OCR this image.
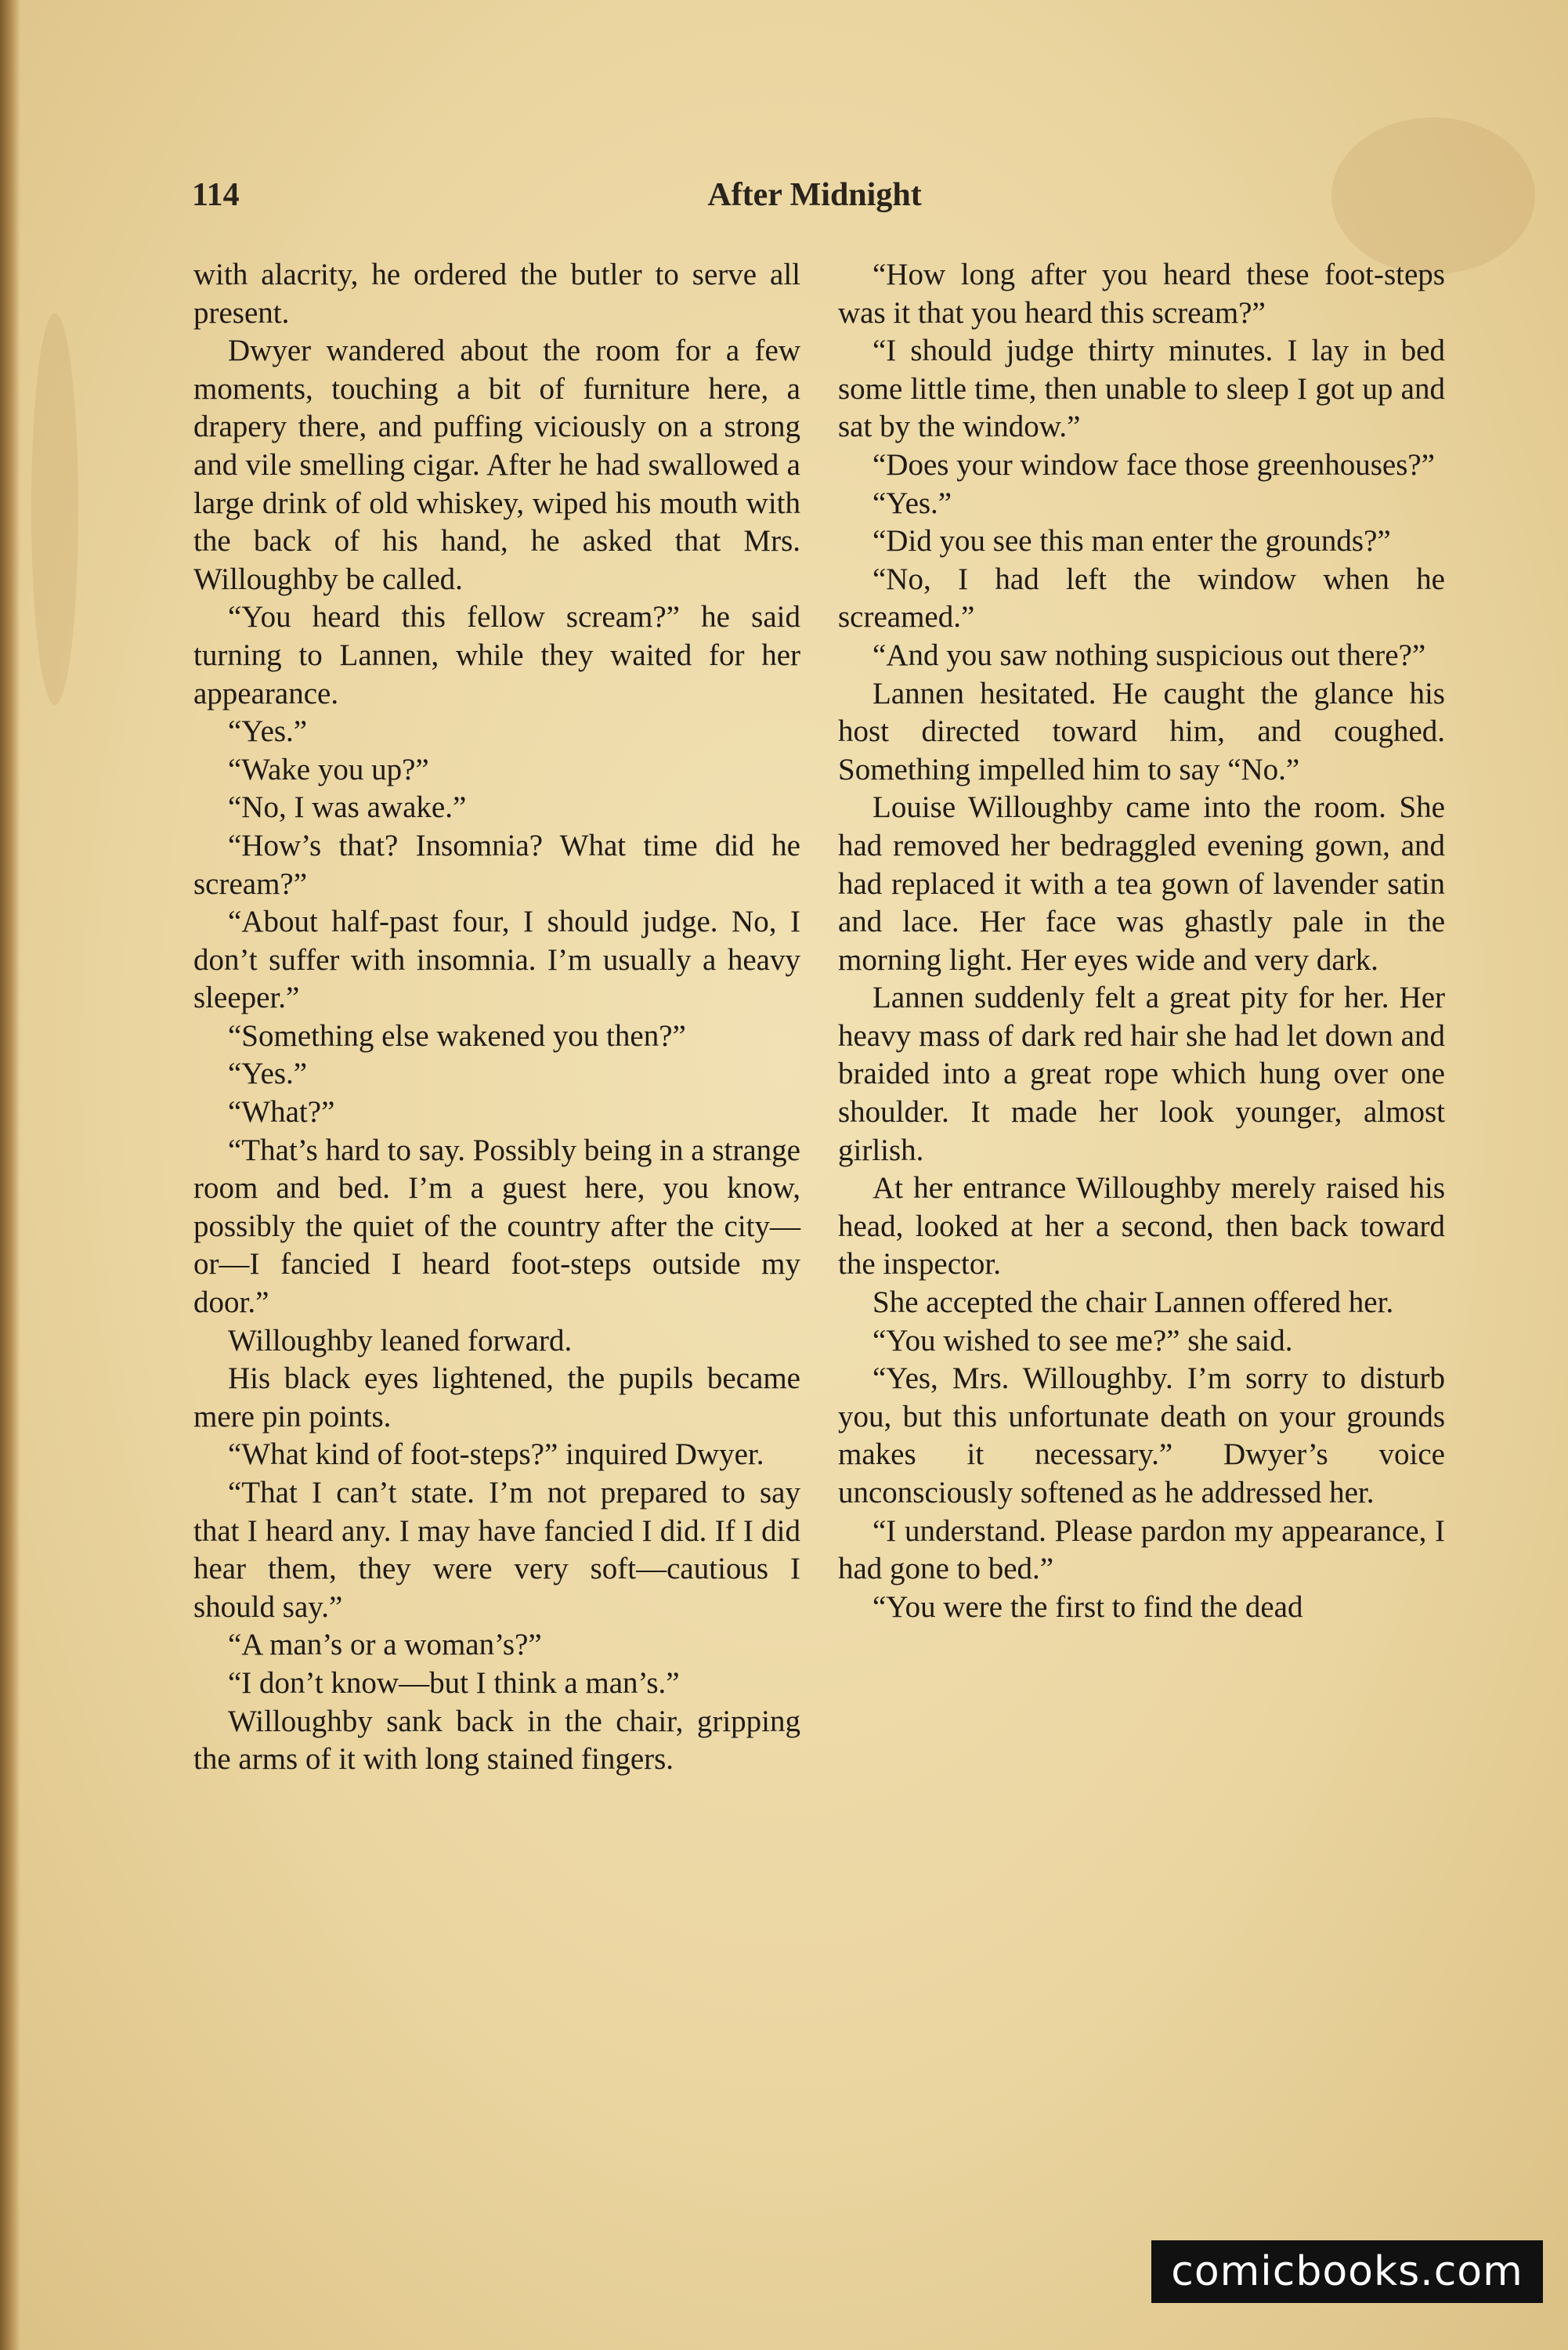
114	After Midnight

with alacrity, he ordered the butler to serve all present.

Dwyer wandered about the room for a few moments, touching a bit of furniture here, a drapery there, and puffing viciously on a strong and vile smelling cigar. After he had swallowed a large drink of old whiskey, wiped his mouth with the back of his hand, he asked that Mrs. Willoughby be called.

“You heard this fellow scream?” he said turning to Lannen, while they waited for her appearance.

“Yes.”

“Wake you up?”

“No, I was awake.”

“How’s that? Insomnia? What time did he scream?”

“About half-past four, I should judge. No, I don’t suffer with insomnia. I’m usually a heavy sleeper.”

“Something else wakened you then?”

“Yes.”

“What?”

“That’s hard to say. Possibly being in a strange room and bed. I’m a guest here, you know, possibly the quiet of the country after the city—or—I fancied I heard foot-steps outside my door.”

Willoughby leaned forward.

His black eyes lightened, the pupils became mere pin points.

“What kind of foot-steps?” inquired Dwyer.

“That I can’t state. I’m not prepared to say that I heard any. I may have fancied I did. If I did hear them, they were very soft—cautious I should say.”

“A man’s or a woman’s?”

“I don’t know—but I think a man’s.”

Willoughby sank back in the chair, gripping the arms of it with long stained fingers.

“How long after you heard these foot-steps was it that you heard this scream?”

“I should judge thirty minutes. I lay in bed some little time, then unable to sleep I got up and sat by the window.”

“Does your window face those greenhouses?”

“Yes.”

“Did you see this man enter the grounds?”

“No, I had left the window when he screamed.”

“And you saw nothing suspicious out there?”

Lannen hesitated. He caught the glance his host directed toward him, and coughed. Something impelled him to say “No.”

Louise Willoughby came into the room. She had removed her bedraggled evening gown, and had replaced it with a tea gown of lavender satin and lace. Her face was ghastly pale in the morning light. Her eyes wide and very dark.

Lannen suddenly felt a great pity for her. Her heavy mass of dark red hair she had let down and braided into a great rope which hung over one shoulder. It made her look younger, almost girlish.

At her entrance Willoughby merely raised his head, looked at her a second, then back toward the inspector.

She accepted the chair Lannen offered her.

“You wished to see me?” she said.

“Yes, Mrs. Willoughby. I’m sorry to disturb you, but this unfortunate death on your grounds makes it necessary.” Dwyer’s voice unconsciously softened as he addressed her.

“I understand. Please pardon my appearance, I had gone to bed.”

“You were the first to find the dead

comicbooks.com
